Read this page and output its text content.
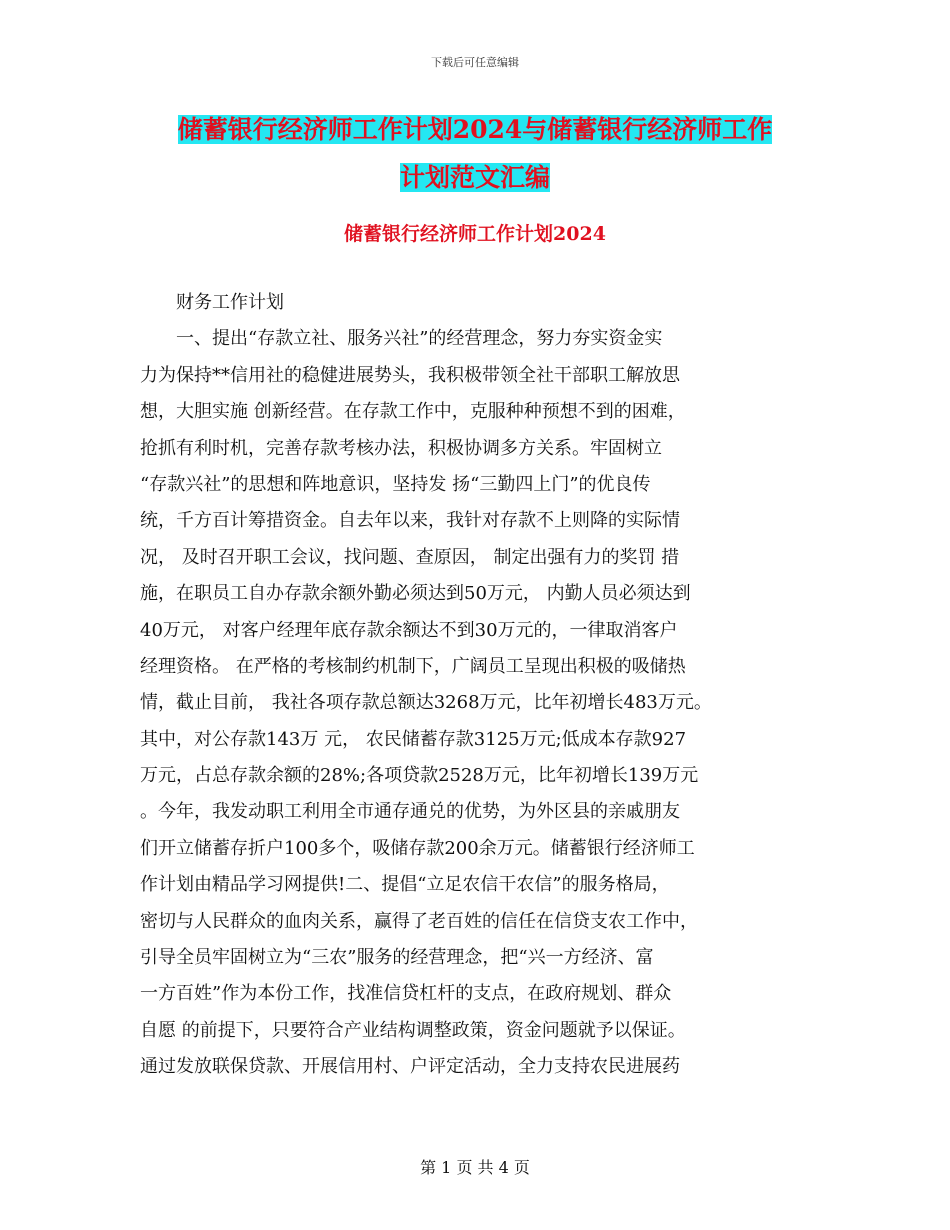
下载后可任意编辑
储蓄银行经济师工作计划2024与储蓄银行经济师工作
计划范文汇编
储蓄银行经济师工作计划2024
　　财务工作计划
　　一、提出“存款立社、服务兴社”的经营理念，努力夯实资金实
力为保持**信用社的稳健进展势头，我积极带领全社干部职工解放思
想，大胆实施 创新经营。在存款工作中，克服种种预想不到的困难，
抢抓有利时机，完善存款考核办法，积极协调多方关系。牢固树立
“存款兴社”的思想和阵地意识，坚持发 扬“三勤四上门”的优良传
统，千方百计筹措资金。自去年以来，我针对存款不上则降的实际情
况， 及时召开职工会议，找问题、查原因， 制定出强有力的奖罚 措
施，在职员工自办存款余额外勤必须达到50万元， 内勤人员必须达到
40万元， 对客户经理年底存款余额达不到30万元的，一律取消客户
经理资格。 在严格的考核制约机制下，广阔员工呈现出积极的吸储热
情，截止目前， 我社各项存款总额达3268万元，比年初增长483万元。
其中，对公存款143万 元， 农民储蓄存款3125万元;低成本存款927
万元，占总存款余额的28%;各项贷款2528万元，比年初增长139万元
。今年，我发动职工利用全市通存通兑的优势，为外区县的亲戚朋友
们开立储蓄存折户100多个，吸储存款200余万元。储蓄银行经济师工
作计划由精品学习网提供!二、提倡“立足农信干农信”的服务格局，
密切与人民群众的血肉关系，赢得了老百姓的信任在信贷支农工作中，
引导全员牢固树立为“三农”服务的经营理念，把“兴一方经济、富
一方百姓”作为本份工作，找准信贷杠杆的支点，在政府规划、群众
自愿 的前提下，只要符合产业结构调整政策，资金问题就予以保证。
通过发放联保贷款、开展信用村、户评定活动，全力支持农民进展药
第 1 页 共 4 页
